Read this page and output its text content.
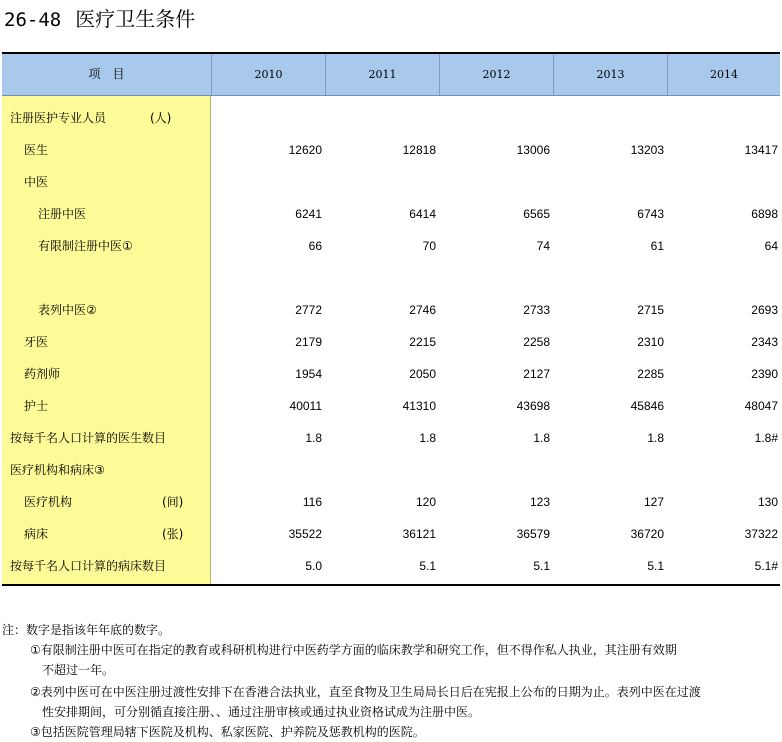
26-48 医疗卫生条件
项　目	2010	2011	2012	2013	2014
注册医护专业人员	(人)
医生	12620	12818	13006	13203	13417
中医
注册中医	6241	6414	6565	6743	6898
有限制注册中医①	66	70	74	61	64
表列中医②	2772	2746	2733	2715	2693
牙医	2179	2215	2258	2310	2343
药剂师	1954	2050	2127	2285	2390
护士	40011	41310	43698	45846	48047
按每千名人口计算的医生数目	1.8	1.8	1.8	1.8	1.8#
医疗机构和病床③
医疗机构	(间)	116	120	123	127	130
病床	(张)	35522	36121	36579	36720	37322
按每千名人口计算的病床数目	5.0	5.1	5.1	5.1	5.1#
注：数字是指该年年底的数字。
①有限制注册中医可在指定的教育或科研机构进行中医药学方面的临床教学和研究工作，但不得作私人执业，其注册有效期
不超过一年。
②表列中医可在中医注册过渡性安排下在香港合法执业，直至食物及卫生局局长日后在宪报上公布的日期为止。表列中医在过渡
性安排期间，可分别循直接注册、、通过注册审核或通过执业资格试成为注册中医。
③包括医院管理局辖下医院及机构、私家医院、护养院及惩教机构的医院。
